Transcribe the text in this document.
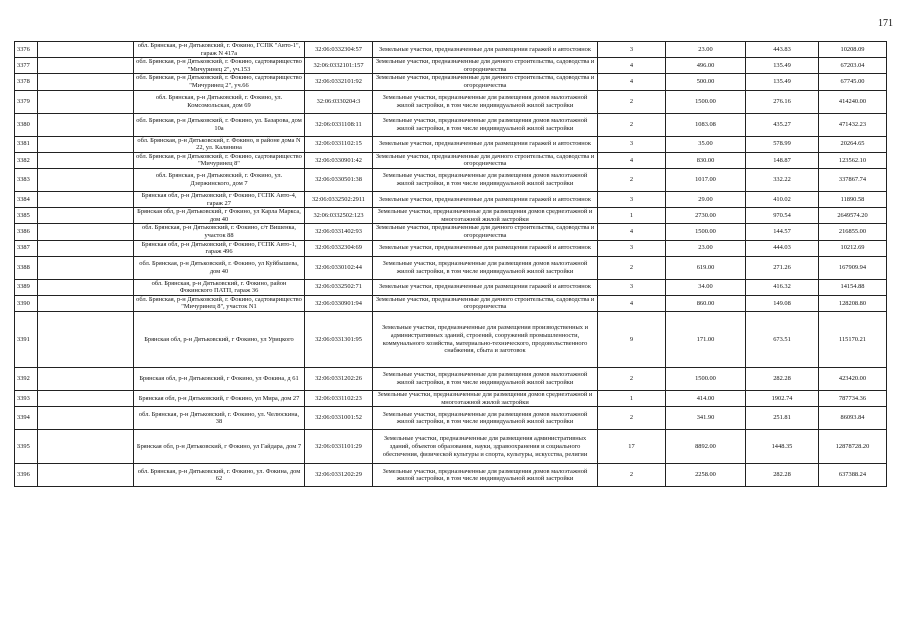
171
3376		обл. Брянская, р-н Дятьковский, г. Фокино, ГСПК "Авто-1", гараж N 417а	32:06:0332304:57	Земельные участки, предназначенные для размещения гаражей и автостоянок	3	23.00	443.83	10208.09
3377		обл. Брянская, р-н Дятьковский, г. Фокино, садтоварищество "Мичуринец 2", уч.153	32:06:0332101:157	Земельные участки, предназначенные для дачного строительства, садоводства и огородничества	4	496.00	135.49	67203.04
3378		обл. Брянская, р-н Дятьковский, г. Фокино, садтоварищество "Мичуринец 2", уч.66	32:06:0332101:92	Земельные участки, предназначенные для дачного строительства, садоводства и огородничества	4	500.00	135.49	67745.00
3379		обл. Брянская, р-н Дятьковский, г. Фокино, ул. Комсомольская, дом 69	32:06:0330204:3	Земельные участки, предназначенные для размещения домов малоэтажной жилой застройки, в том числе индивидуальной жилой застройки	2	1500.00	276.16	414240.00
3380		обл. Брянская, р-н Дятьковский, г. Фокино, ул. Базарова, дом 10а	32:06:0331108:11	Земельные участки, предназначенные для размещения домов малоэтажной жилой застройки, в том числе индивидуальной жилой застройки	2	1083.08	435.27	471432.23
3381		обл. Брянская, р-н Дятьковский, г. Фокино, в районе дома N 22, ул. Калинина	32:06:0331102:15	Земельные участки, предназначенные для размещения гаражей и автостоянок	3	35.00	578.99	20264.65
3382		обл. Брянская, р-н Дятьковский, г. Фокино, садтоварищество "Мичуринец 8"	32:06:0330901:42	Земельные участки, предназначенные для дачного строительства, садоводства и огородничества	4	830.00	148.87	123562.10
3383		обл. Брянская, р-н Дятьковский, г. Фокино, ул. Дзержинского, дом 7	32:06:0330501:38	Земельные участки, предназначенные для размещения домов малоэтажной жилой застройки, в том числе индивидуальной жилой застройки	2	1017.00	332.22	337867.74
3384		Брянская обл, р-н Дятьковский, г Фокино, ГСПК Авто-4, гараж 27	32:06:0332502:2911	Земельные участки, предназначенные для размещения гаражей и автостоянок	3	29.00	410.02	11890.58
3385		Брянская обл, р-н Дятьковский, г Фокино, ул Карла Маркса, дом 40	32:06:0332502:123	Земельные участки, предназначенные для размещения домов среднеэтажной и многоэтажной жилой застройки	1	2730.00	970.54	2649574.20
3386		обл. Брянская, р-н Дятьковский, г. Фокино, с/т Вишенка, участок 88	32:06:0331402:93	Земельные участки, предназначенные для дачного строительства, садоводства и огородничества	4	1500.00	144.57	216855.00
3387		Брянская обл, р-н Дятьковский, г Фокино, ГСПК Авто-1, гараж 496	32:06:0332304:69	Земельные участки, предназначенные для размещения гаражей и автостоянок	3	23.00	444.03	10212.69
3388		обл. Брянская, р-н Дятьковский, г. Фокино, ул Куйбышева, дом 40	32:06:0330102:44	Земельные участки, предназначенные для размещения домов малоэтажной жилой застройки, в том числе индивидуальной жилой застройки	2	619.00	271.26	167909.94
3389		обл. Брянская, р-н Дятьковский, г. Фокино, район Фокинского ПАТП, гараж 36	32:06:0332502:71	Земельные участки, предназначенные для размещения гаражей и автостоянок	3	34.00	416.32	14154.88
3390		обл. Брянская, р-н Дятьковский, г. Фокино, садтоварищество "Мичуринец 8", участок N1	32:06:0330901:94	Земельные участки, предназначенные для дачного строительства, садоводства и огородничества	4	860.00	149.08	128208.80
3391		Брянская обл, р-н Дятьковский, г Фокино, ул Урицкого	32:06:0331301:95	Земельные участки, предназначенные для размещения производственных и административных зданий, строений, сооружений промышленности, коммунального хозяйства, материально-технического, продовольственного снабжения, сбыта и заготовок	9	171.00	673.51	115170.21
3392		Брянская обл, р-н Дятьковский, г Фокино, ул Фокина, д 61	32:06:0331202:26	Земельные участки, предназначенные для размещения домов малоэтажной жилой застройки, в том числе индивидуальной жилой застройки	2	1500.00	282.28	423420.00
3393		Брянская обл, р-н Дятьковский, г Фокино, ул Мира, дом 27	32:06:0331102:23	Земельные участки, предназначенные для размещения домов среднеэтажной и многоэтажной жилой застройки	1	414.00	1902.74	787734.36
3394		обл. Брянская, р-н Дятьковский, г. Фокино, ул. Челюскина, 38	32:06:0331001:52	Земельные участки, предназначенные для размещения домов малоэтажной жилой застройки, в том числе индивидуальной жилой застройки	2	341.90	251.81	86093.84
3395		Брянская обл, р-н Дятьковский, г Фокино, ул Гайдара, дом 7	32:06:0331101:29	Земельные участки, предназначенные для размещения административных зданий, объектов образования, науки, здравоохранения и социального обеспечения, физической культуры и спорта, культуры, искусства, религии	17	8892.00	1448.35	12878728.20
3396		обл. Брянская, р-н Дятьковский, г. Фокино, ул. Фокина, дом 62	32:06:0331202:29	Земельные участки, предназначенные для размещения домов малоэтажной жилой застройки, в том числе индивидуальной жилой застройки	2	2258.00	282.28	637388.24
